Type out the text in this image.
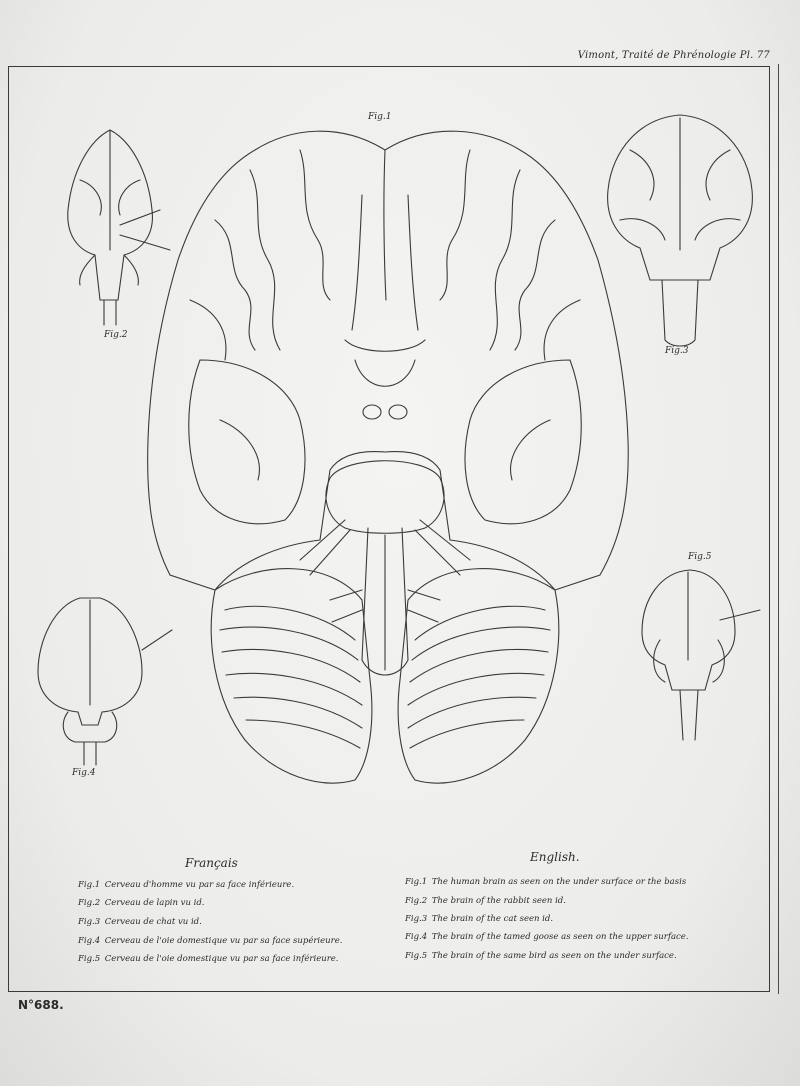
Vimont, Traité de Phrénologie Pl. 77
Fig.1
Fig.2
Fig.3
Fig.4
Fig.5
Français
Fig.1 Cerveau d'homme vu par sa face inférieure.
Fig.2 Cerveau de lapin vu id.
Fig.3 Cerveau de chat vu id.
Fig.4 Cerveau de l'oie domestique vu par sa face supérieure.
Fig.5 Cerveau de l'oie domestique vu par sa face inférieure.
English.
Fig.1 The human brain as seen on the under surface or the basis
Fig.2 The brain of the rabbit seen id.
Fig.3 The brain of the cat seen id.
Fig.4 The brain of the tamed goose as seen on the upper surface.
Fig.5 The brain of the same bird as seen on the under surface.
N°688.
